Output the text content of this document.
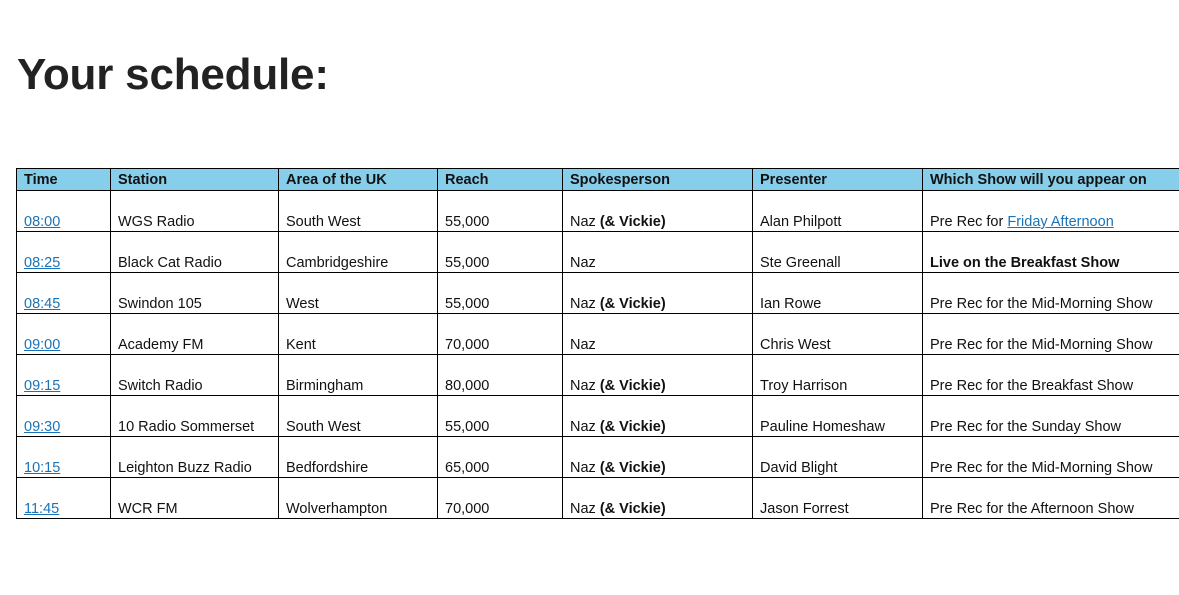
Your schedule:
Time	Station	Area of the UK	Reach	Spokesperson	Presenter	Which Show will you appear on
08:00	WGS Radio	South West	55,000	Naz (& Vickie)	Alan Philpott	Pre Rec for Friday Afternoon
08:25	Black Cat Radio	Cambridgeshire	55,000	Naz	Ste Greenall	Live on the Breakfast Show
08:45	Swindon 105	West	55,000	Naz (& Vickie)	Ian Rowe	Pre Rec for the Mid-Morning Show
09:00	Academy FM	Kent	70,000	Naz	Chris West	Pre Rec for the Mid-Morning Show
09:15	Switch Radio	Birmingham	80,000	Naz (& Vickie)	Troy Harrison	Pre Rec for the Breakfast Show
09:30	10 Radio Sommerset	South West	55,000	Naz (& Vickie)	Pauline Homeshaw	Pre Rec for the Sunday Show
10:15	Leighton Buzz Radio	Bedfordshire	65,000	Naz (& Vickie)	David Blight	Pre Rec for the Mid-Morning Show
11:45	WCR FM	Wolverhampton	70,000	Naz (& Vickie)	Jason Forrest	Pre Rec for the Afternoon Show
